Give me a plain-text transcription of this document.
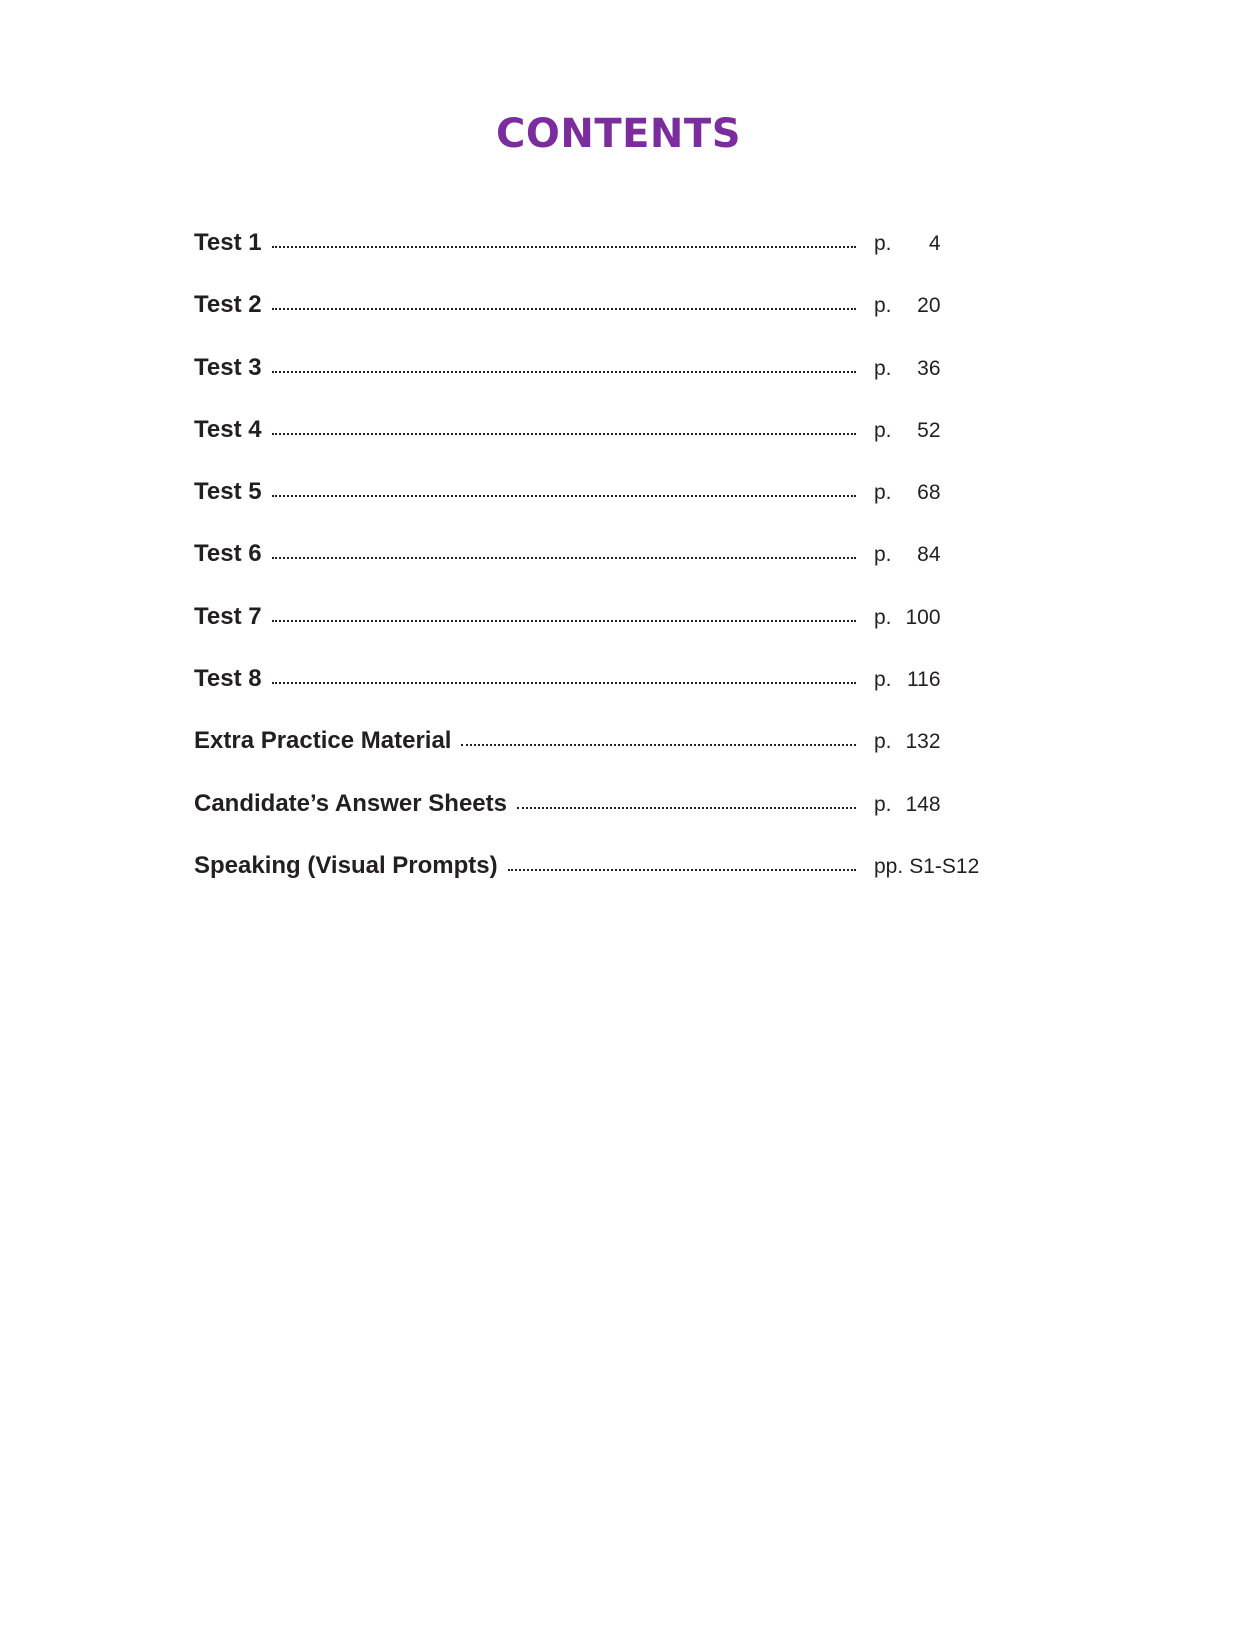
CONTENTS
Test 1	p.	4
Test 2	p.	20
Test 3	p.	36
Test 4	p.	52
Test 5	p.	68
Test 6	p.	84
Test 7	p. 100
Test 8	p. 116
Extra Practice Material	p. 132
Candidate’s Answer Sheets	p. 148
Speaking (Visual Prompts)	pp. S1-S12
